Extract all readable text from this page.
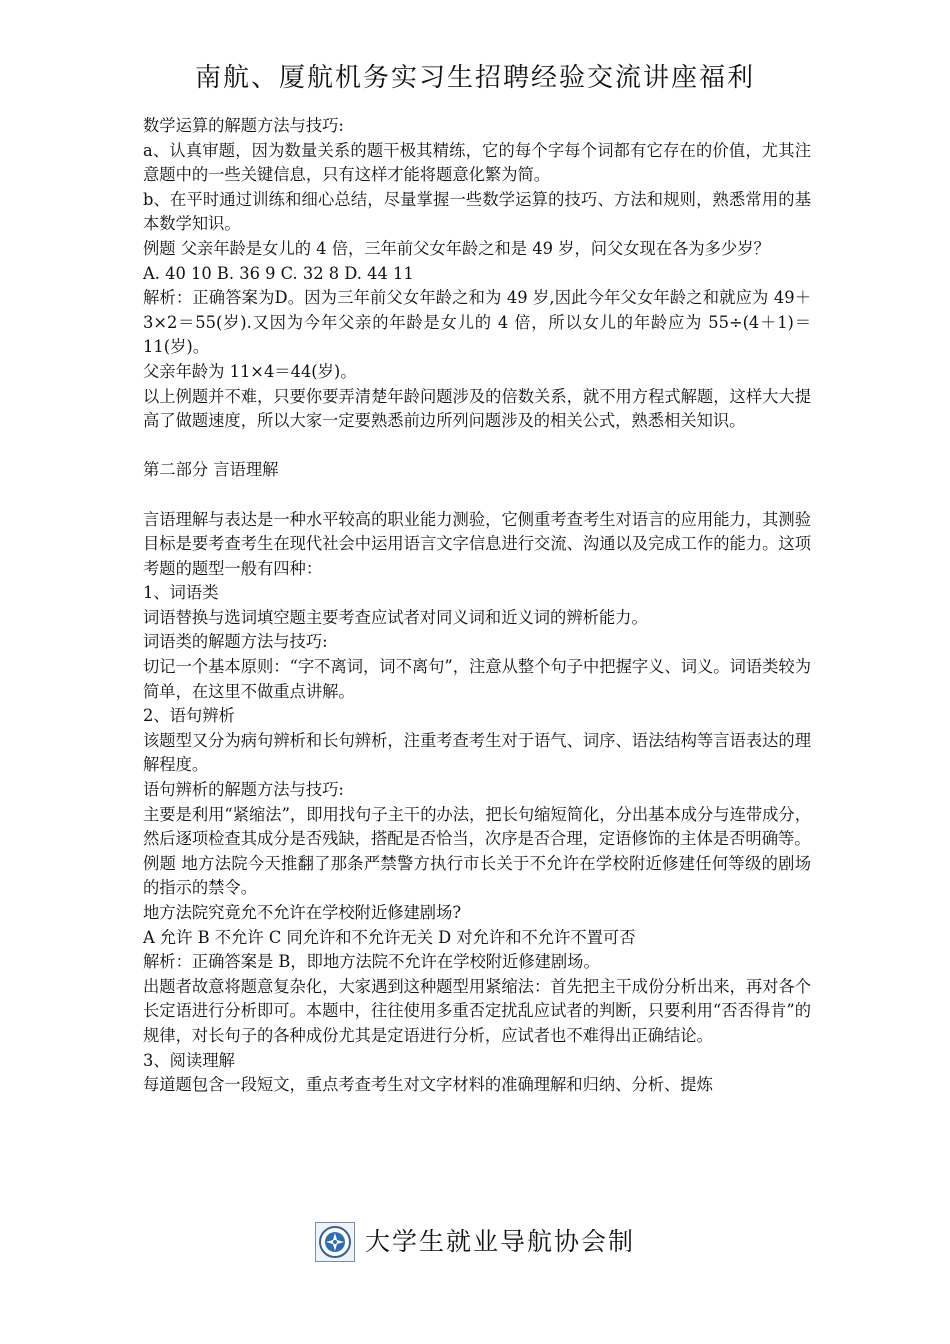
南航、厦航机务实习生招聘经验交流讲座福利

数学运算的解题方法与技巧:

a、认真审题，因为数量关系的题干极其精练，它的每个字每个词都有它存在的价值，尤其注意题中的一些关键信息，只有这样才能将题意化繁为简。

b、在平时通过训练和细心总结，尽量掌握一些数学运算的技巧、方法和规则，熟悉常用的基本数学知识。

例题 父亲年龄是女儿的 4 倍，三年前父女年龄之和是 49 岁，问父女现在各为多少岁？

A. 40 10 B. 36 9 C. 32 8 D. 44 11

解析：正确答案为D。因为三年前父女年龄之和为 49 岁,因此今年父女年龄之和就应为 49＋3×2＝55(岁).又因为今年父亲的年龄是女儿的 4 倍，所以女儿的年龄应为 55÷(4＋1)＝11(岁)。

父亲年龄为 11×4＝44(岁)。

以上例题并不难，只要你要弄清楚年龄问题涉及的倍数关系，就不用方程式解题，这样大大提高了做题速度，所以大家一定要熟悉前边所列问题涉及的相关公式，熟悉相关知识。

第二部分 言语理解

言语理解与表达是一种水平较高的职业能力测验，它侧重考查考生对语言的应用能力，其测验目标是要考查考生在现代社会中运用语言文字信息进行交流、沟通以及完成工作的能力。这项考题的题型一般有四种：

1、词语类

词语替换与选词填空题主要考查应试者对同义词和近义词的辨析能力。

词语类的解题方法与技巧:

切记一个基本原则：“字不离词，词不离句”，注意从整个句子中把握字义、词义。词语类较为简单，在这里不做重点讲解。

2、语句辨析

该题型又分为病句辨析和长句辨析，注重考查考生对于语气、词序、语法结构等言语表达的理解程度。

语句辨析的解题方法与技巧:

主要是利用“紧缩法”，即用找句子主干的办法，把长句缩短简化，分出基本成分与连带成分，然后逐项检查其成分是否残缺，搭配是否恰当，次序是否合理，定语修饰的主体是否明确等。

例题 地方法院今天推翻了那条严禁警方执行市长关于不允许在学校附近修建任何等级的剧场的指示的禁令。

地方法院究竟允不允许在学校附近修建剧场?

A 允许 B 不允许 C 同允许和不允许无关 D 对允许和不允许不置可否

解析：正确答案是 B，即地方法院不允许在学校附近修建剧场。

出题者故意将题意复杂化，大家遇到这种题型用紧缩法：首先把主干成份分析出来，再对各个长定语进行分析即可。本题中，往往使用多重否定扰乱应试者的判断，只要利用“否否得肯”的规律，对长句子的各种成份尤其是定语进行分析，应试者也不难得出正确结论。

3、阅读理解

每道题包含一段短文，重点考查考生对文字材料的准确理解和归纳、分析、提炼

大学生就业导航协会制
